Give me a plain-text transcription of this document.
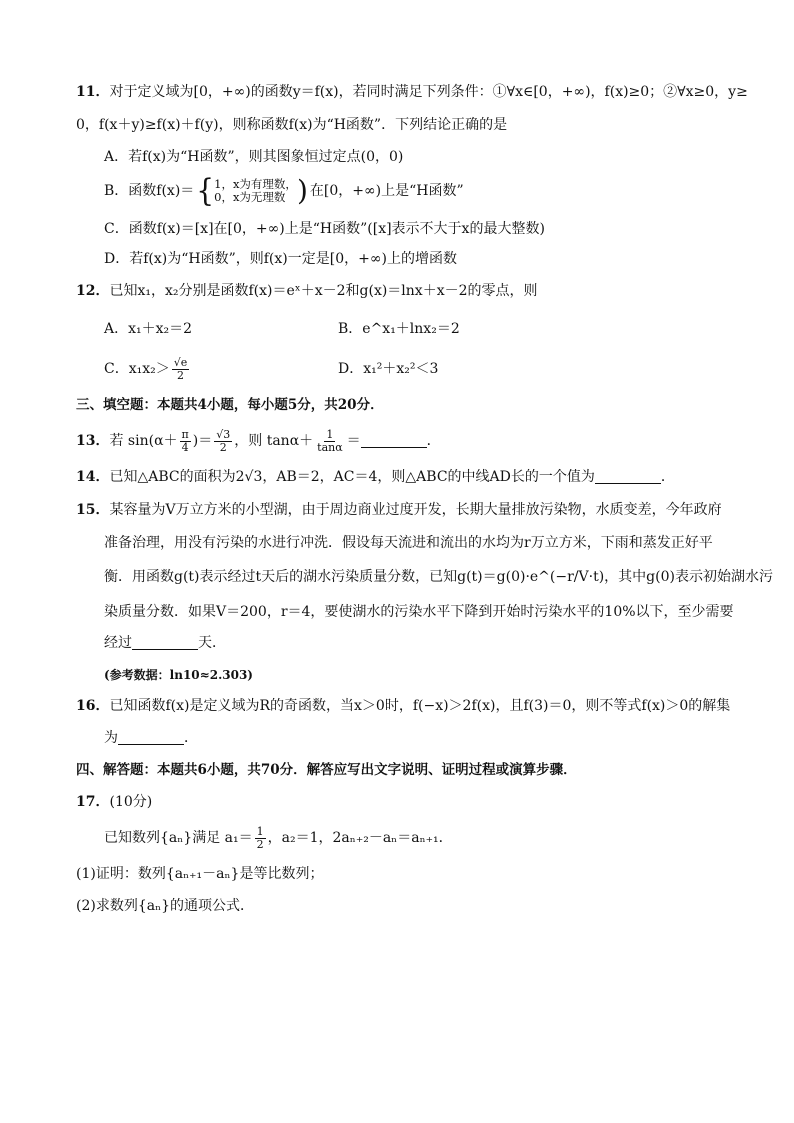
11．对于定义域为[0，+∞)的函数y＝f(x)，若同时满足下列条件：①∀x∈[0，+∞)，f(x)≥0；②∀x≥0，y≥
0，f(x＋y)≥f(x)＋f(y)，则称函数f(x)为“H函数”．下列结论正确的是
A．若f(x)为“H函数”，则其图象恒过定点(0，0)
B．函数f(x)＝ { 1，x为有理数，
0，x为无理数 ) 在[0，+∞)上是“H函数”
C．函数f(x)＝[x]在[0，+∞)上是“H函数”([x]表示不大于x的最大整数)
D．若f(x)为“H函数”，则f(x)一定是[0，+∞)上的增函数
12．已知x₁，x₂分别是函数f(x)＝eˣ＋x－2和g(x)＝lnx＋x－2的零点，则
A．x₁＋x₂＝2	B．e^x₁＋lnx₂＝2
C．$x_1x_2> \frac{√e}{2}$	D．x₁²＋x₂²＜3
三、填空题：本题共4小题，每小题5分，共20分．
13．若 $\sin(\alpha+ \frac{\pi}{4}$ )＝ $\frac{√3}{2}$ ，则 $\tan\alpha+ \frac{1}{\tan\alpha}$ ＝	．
14．已知△ABC的面积为2√3，AB＝2，AC＝4，则△ABC的中线AD长的一个值为	．
15．某容量为V万立方米的小型湖，由于周边商业过度开发，长期大量排放污染物，水质变差，今年政府
准备治理，用没有污染的水进行冲洗．假设每天流进和流出的水均为r万立方米，下雨和蒸发正好平
衡．用函数g(t)表示经过t天后的湖水污染质量分数，已知g(t)＝g(0)·e^(−r/V·t)，其中g(0)表示初始湖水污
染质量分数．如果V＝200，r＝4，要使湖水的污染水平下降到开始时污染水平的10%以下，至少需要
经过	天．
(参考数据：ln10≈2.303)
16．已知函数f(x)是定义域为R的奇函数，当x＞0时，f(−x)＞2f(x)，且f(3)＝0，则不等式f(x)＞0的解集
为	．
四、解答题：本题共6小题，共70分．解答应写出文字说明、证明过程或演算步骤．
17．(10分)
已知数列{aₙ}满足 $a_1= \frac{1}{2}$ ，a₂＝1，2aₙ₊₂－aₙ＝aₙ₊₁．
(1)证明：数列{aₙ₊₁－aₙ}是等比数列；
(2)求数列{aₙ}的通项公式．
